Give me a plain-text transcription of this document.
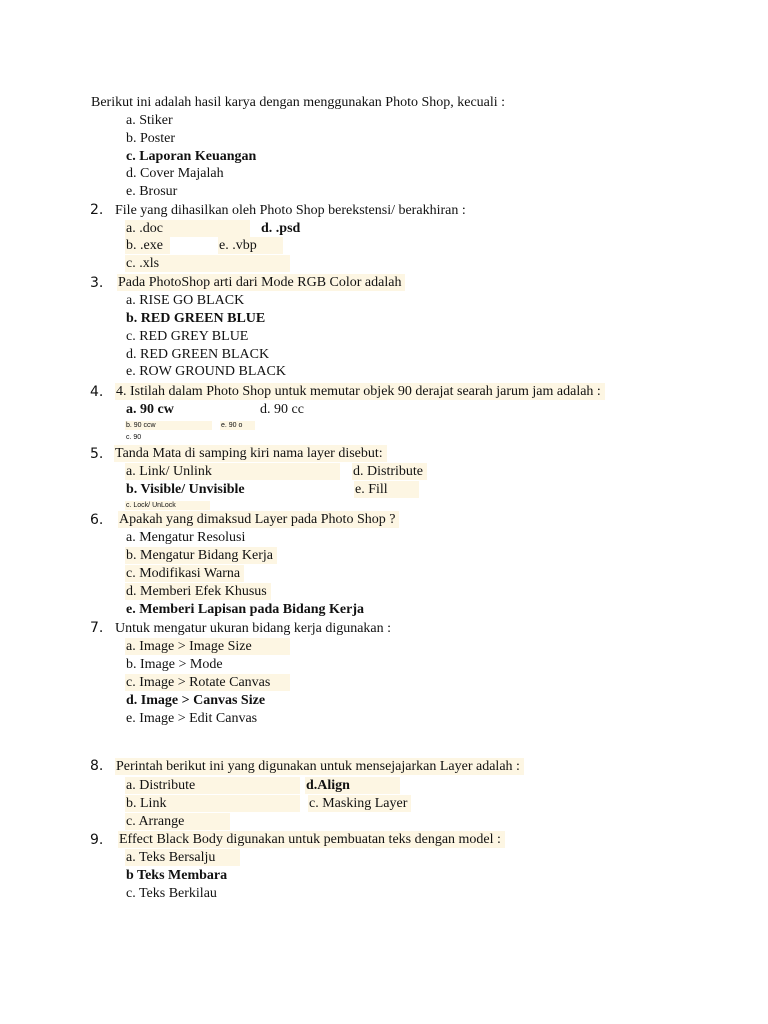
Berikut ini adalah hasil karya dengan menggunakan Photo Shop, kecuali :
a. Stiker
b. Poster
c. Laporan Keuangan
d. Cover Majalah
e. Brosur
2. File yang dihasilkan oleh Photo Shop berekstensi/ berakhiran :
a. .doc	d. .psd
b. .exe	e. .vbp
c. .xls
3. Pada PhotoShop arti dari Mode RGB Color adalah
a. RISE GO BLACK
b. RED GREEN BLUE
c. RED GREY BLUE
d. RED GREEN BLACK
e. ROW GROUND BLACK
4. 4. Istilah dalam Photo Shop untuk memutar objek 90 derajat searah jarum jam adalah :
a. 90 cw	d. 90 cc
b. 90 ccw	e. 90 o
c. 90
5. Tanda Mata di samping kiri nama layer disebut:
a. Link/ Unlink	d. Distribute
b. Visible/ Unvisible	e. Fill
c. Lock/ UnLock
6. Apakah yang dimaksud Layer pada Photo Shop ?
a. Mengatur Resolusi
b. Mengatur Bidang Kerja
c. Modifikasi Warna
d. Memberi Efek Khusus
e. Memberi Lapisan pada Bidang Kerja
7. Untuk mengatur ukuran bidang kerja digunakan :
a. Image > Image Size
b. Image > Mode
c. Image > Rotate Canvas
d. Image > Canvas Size
e. Image > Edit Canvas
8. Perintah berikut ini yang digunakan untuk mensejajarkan Layer adalah :
a. Distribute	d.Align
b. Link	c. Masking Layer
c. Arrange
9. Effect Black Body digunakan untuk pembuatan teks dengan model :
a. Teks Bersalju
b Teks Membara
c. Teks Berkilau
